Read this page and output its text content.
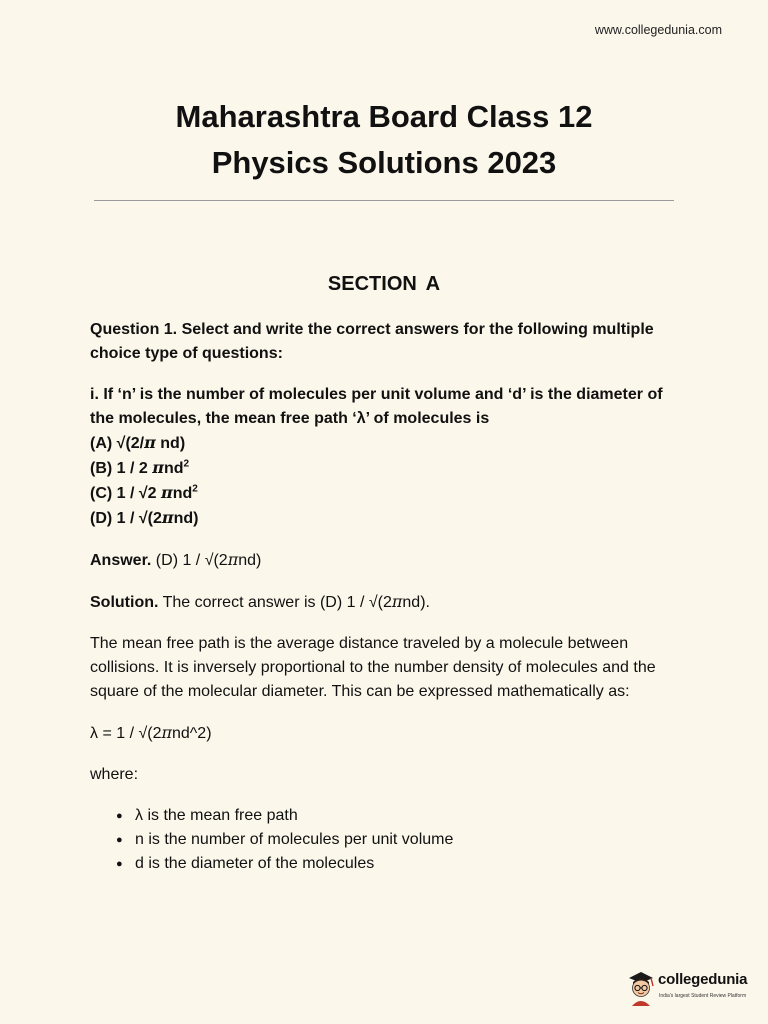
www.collegedunia.com
Maharashtra Board Class 12
Physics Solutions 2023
SECTION A

Question 1. Select and write the correct answers for the following multiple choice type of questions:

i. If ‘n’ is the number of molecules per unit volume and ‘d’ is the diameter of the molecules, the mean free path ‘λ’ of molecules is
(A) √(2/π nd)
(B) 1 / 2 πnd$^2$
(C) 1 / √2 πnd$^2$
(D) 1 / √(2πnd)

Answer. (D) 1 / √(2πnd)

Solution. The correct answer is (D) 1 / √(2πnd).

The mean free path is the average distance traveled by a molecule between collisions. It is inversely proportional to the number density of molecules and the square of the molecular diameter. This can be expressed mathematically as:

λ = 1 / √(2πnd^2)

where:

● λ is the mean free path
● n is the number of molecules per unit volume
● d is the diameter of the molecules
collegedunia
India's largest Student Review Platform
